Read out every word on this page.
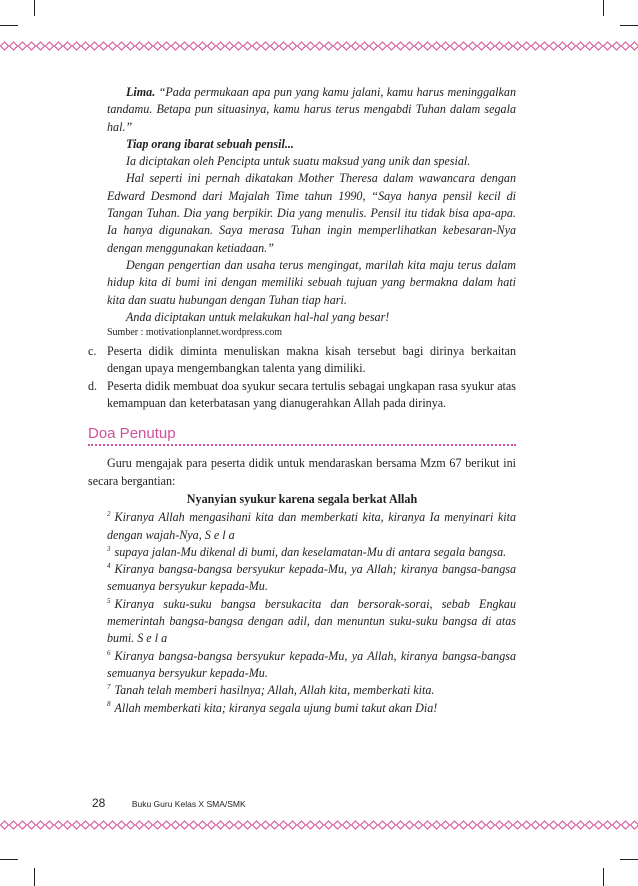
Lima. “Pada permukaan apa pun yang kamu jalani, kamu harus meninggalkan tandamu. Betapa pun situasinya, kamu harus terus mengabdi Tuhan dalam segala hal.”

Tiap orang ibarat sebuah pensil...

Ia diciptakan oleh Pencipta untuk suatu maksud yang unik dan spesial.

Hal seperti ini pernah dikatakan Mother Theresa dalam wawancara dengan Edward Desmond dari Majalah Time tahun 1990, “Saya hanya pensil kecil di Tangan Tuhan. Dia yang berpikir. Dia yang menulis. Pensil itu tidak bisa apa-apa. Ia hanya digunakan. Saya merasa Tuhan ingin memperlihatkan kebesaran-Nya dengan menggunakan ketiadaan.”

Dengan pengertian dan usaha terus mengingat, marilah kita maju terus dalam hidup kita di bumi ini dengan memiliki sebuah tujuan yang bermakna dalam hati kita dan suatu hubungan dengan Tuhan tiap hari.

Anda diciptakan untuk melakukan hal-hal yang besar!

Sumber : motivationplannet.wordpress.com

c. Peserta didik diminta menuliskan makna kisah tersebut bagi dirinya berkaitan dengan upaya mengembangkan talenta yang dimiliki.
d. Peserta didik membuat doa syukur secara tertulis sebagai ungkapan rasa syukur atas kemampuan dan keterbatasan yang dianugerahkan Allah pada dirinya.

Doa Penutup

Guru mengajak para peserta didik untuk mendaraskan bersama Mzm 67 berikut ini secara bergantian:

Nyanyian syukur karena segala berkat Allah

$^2$ Kiranya Allah mengasihani kita dan memberkati kita, kiranya Ia menyinari kita dengan wajah-Nya, S e l a

$^3$ supaya jalan-Mu dikenal di bumi, dan keselamatan-Mu di antara segala bangsa.

$^4$ Kiranya bangsa-bangsa bersyukur kepada-Mu, ya Allah; kiranya bangsa-bangsa semuanya bersyukur kepada-Mu.

$^5$ Kiranya suku-suku bangsa bersukacita dan bersorak-sorai, sebab Engkau memerintah bangsa-bangsa dengan adil, dan menuntun suku-suku bangsa di atas bumi. S e l a

$^6$ Kiranya bangsa-bangsa bersyukur kepada-Mu, ya Allah, kiranya bangsa-bangsa semuanya bersyukur kepada-Mu.

$^7$ Tanah telah memberi hasilnya; Allah, Allah kita, memberkati kita.

$^8$ Allah memberkati kita; kiranya segala ujung bumi takut akan Dia!

28	Buku Guru Kelas X SMA/SMK
